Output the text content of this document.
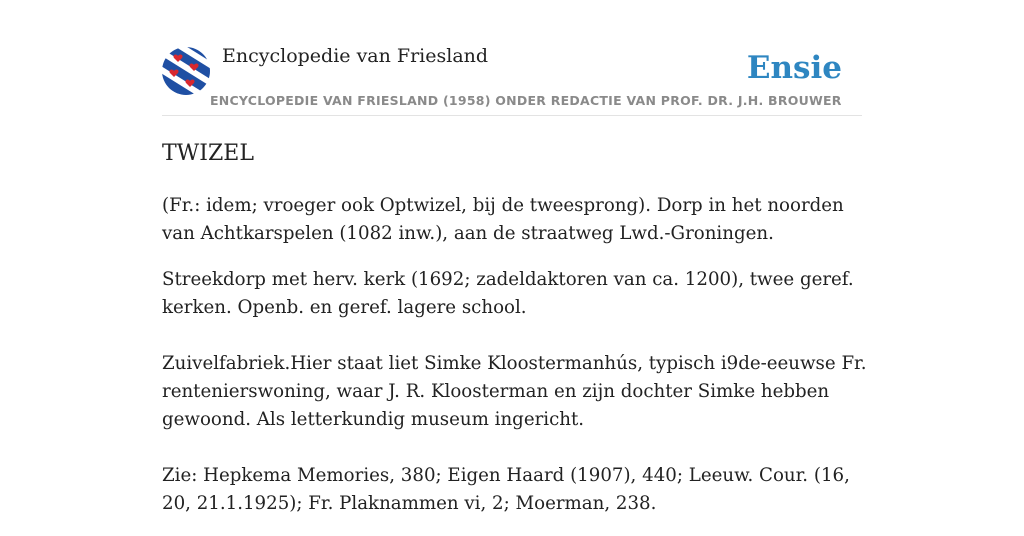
Encyclopedie van Friesland	Ensie
ENCYCLOPEDIE VAN FRIESLAND (1958) ONDER REDACTIE VAN PROF. DR. J.H. BROUWER
TWIZEL

(Fr.: idem; vroeger ook Optwizel, bij de tweesprong). Dorp in het noorden van Achtkarspelen (1082 inw.), aan de straatweg Lwd.-Groningen.

Streekdorp met herv. kerk (1692; zadeldaktoren van ca. 1200), twee geref. kerken. Openb. en geref. lagere school.

Zuivelfabriek.Hier staat liet Simke Kloostermanhús, typisch i9de-eeuwse Fr. rentenierswoning, waar J. R. Kloosterman en zijn dochter Simke hebben gewoond. Als letterkundig museum ingericht.

Zie: Hepkema Memories, 380; Eigen Haard (1907), 440; Leeuw. Cour. (16, 20, 21.1.1925); Fr. Plaknammen vi, 2; Moerman, 238.
